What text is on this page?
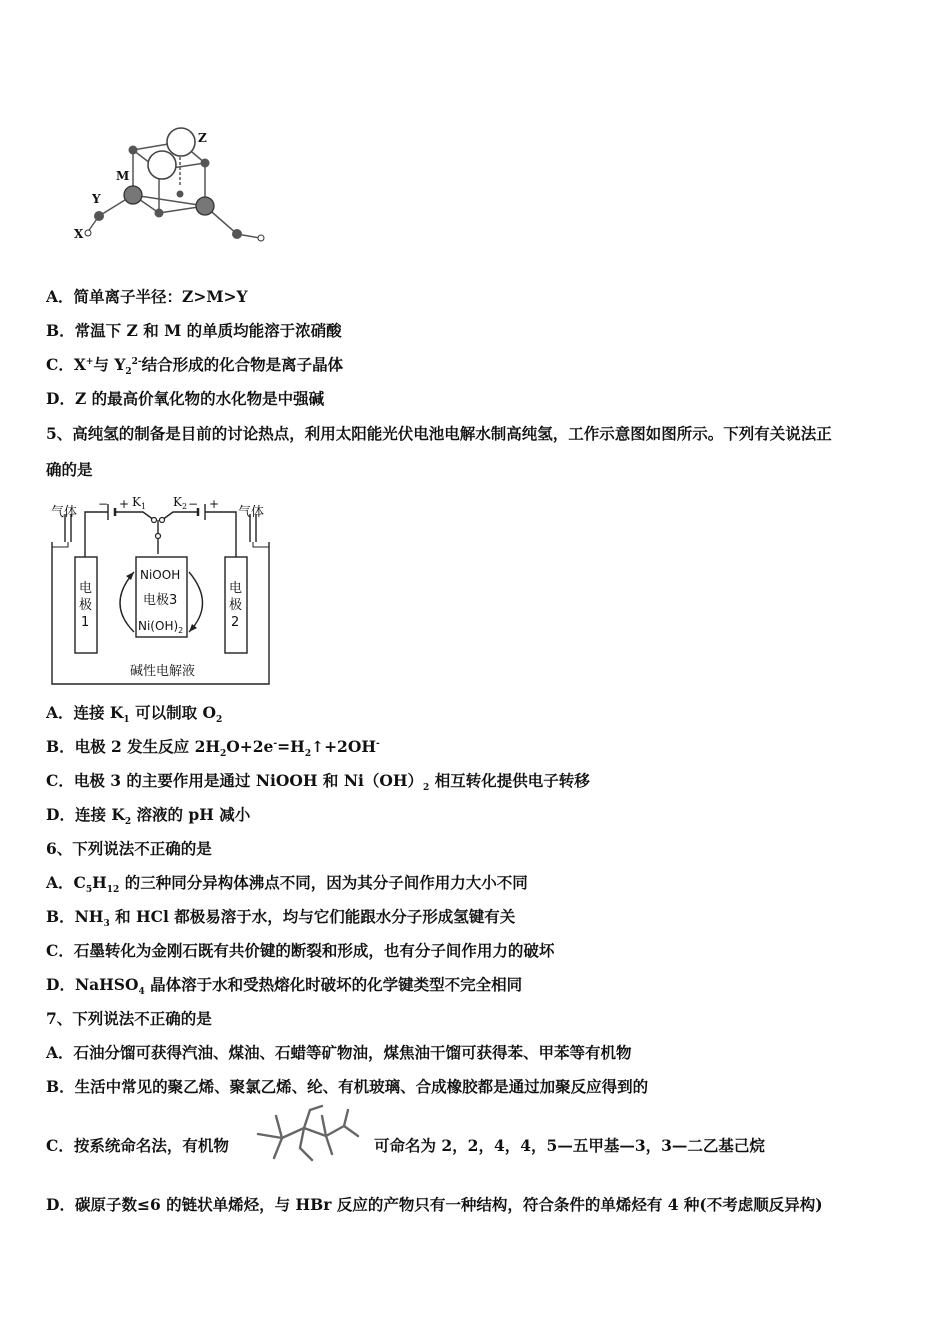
Z
M
Y
X
A．简单离子半径：Z>M>Y
B．常温下 Z 和 M 的单质均能溶于浓硝酸
C．X+与 $Y_2^{2-}$结合形成的化合物是离子晶体
D．Z 的最高价氧化物的水化物是中强碱
5、高纯氢的制备是目前的讨论热点，利用太阳能光伏电池电解水制高纯氢，工作示意图如图所示。下列有关说法正
确的是
气体	气体
− +	− +
$K_1$ $K_2$
电
极
1
电
极
2
NiOOH
电极3
$Ni(OH)_2$
碱性电解液
A．连接 $K_1$ 可以制取 $O_2$
B．电极 2 发生反应 $2H_2O+2e^-=H_2↑+2OH^-$
C．电极 3 的主要作用是通过 NiOOH 和 $Ni(OH)_2$ 相互转化提供电子转移
D．连接 $K_2$ 溶液的 pH 减小
6、下列说法不正确的是
A．$C_5H_{12}$ 的三种同分异构体沸点不同，因为其分子间作用力大小不同
B．$NH_3$ 和 HCl 都极易溶于水，均与它们能跟水分子形成氢键有关
C．石墨转化为金刚石既有共价键的断裂和形成，也有分子间作用力的破坏
D．NaHSO$_4$ 晶体溶于水和受热熔化时破坏的化学键类型不完全相同
7、下列说法不正确的是
A．石油分馏可获得汽油、煤油、石蜡等矿物油，煤焦油干馏可获得苯、甲苯等有机物
B．生活中常见的聚乙烯、聚氯乙烯、纶、有机玻璃、合成橡胶都是通过加聚反应得到的
C．按系统命名法，有机物	可命名为 2，2，4，4，5—五甲基—3，3—二乙基己烷
D．碳原子数≤6 的链状单烯烃，与 HBr 反应的产物只有一种结构，符合条件的单烯烃有 4 种(不考虑顺反异构)
